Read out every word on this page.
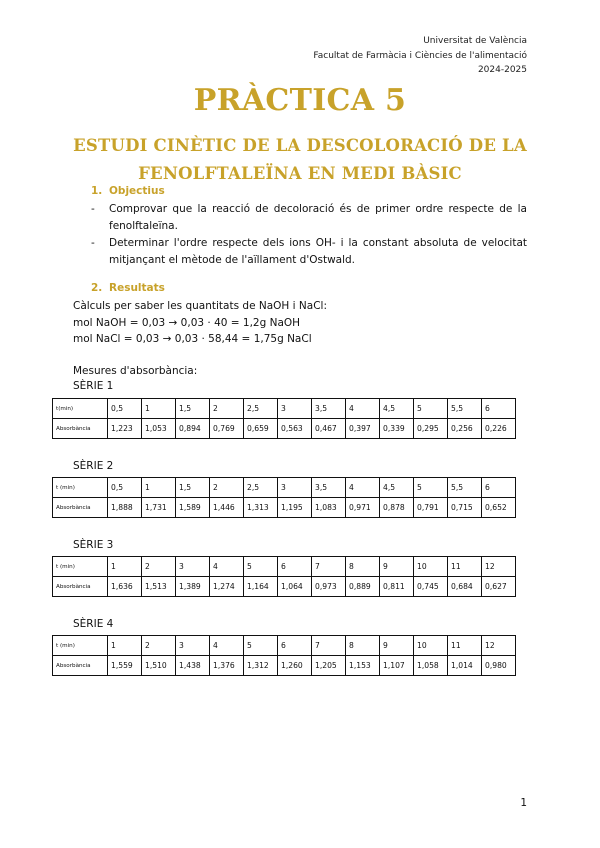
Universitat de València
Facultat de Farmàcia i Ciències de l'alimentació
2024-2025
PRÀCTICA 5
ESTUDI CINÈTIC DE LA DESCOLORACIÓ DE LA FENOLFTALEÏNA EN MEDI BÀSIC
1. Objectius
- Comprovar que la reacció de decoloració és de primer ordre respecte de la fenolftaleïna.
- Determinar l'ordre respecte dels ions OH- i la constant absoluta de velocitat mitjançant el mètode de l'aïllament d'Ostwald.
2. Resultats
Càlculs per saber les quantitats de NaOH i NaCl:
mol NaOH = 0,03 → 0,03 · 40 = 1,2g NaOH
mol NaCl = 0,03 → 0,03 · 58,44 = 1,75g NaCl
Mesures d'absorbància:
SÈRIE 1
t(min)	0,5	1	1,5	2	2,5	3	3,5	4	4,5	5	5,5	6
Absorbància	1,223	1,053	0,894	0,769	0,659	0,563	0,467	0,397	0,339	0,295	0,256	0,226
SÈRIE 2
t (min)	0,5	1	1,5	2	2,5	3	3,5	4	4,5	5	5,5	6
Absorbància	1,888	1,731	1,589	1,446	1,313	1,195	1,083	0,971	0,878	0,791	0,715	0,652
SÈRIE 3
t (min)	1	2	3	4	5	6	7	8	9	10	11	12
Absorbància	1,636	1,513	1,389	1,274	1,164	1,064	0,973	0,889	0,811	0,745	0,684	0,627
SÈRIE 4
t (min)	1	2	3	4	5	6	7	8	9	10	11	12
Absorbància	1,559	1,510	1,438	1,376	1,312	1,260	1,205	1,153	1,107	1,058	1,014	0,980
1
